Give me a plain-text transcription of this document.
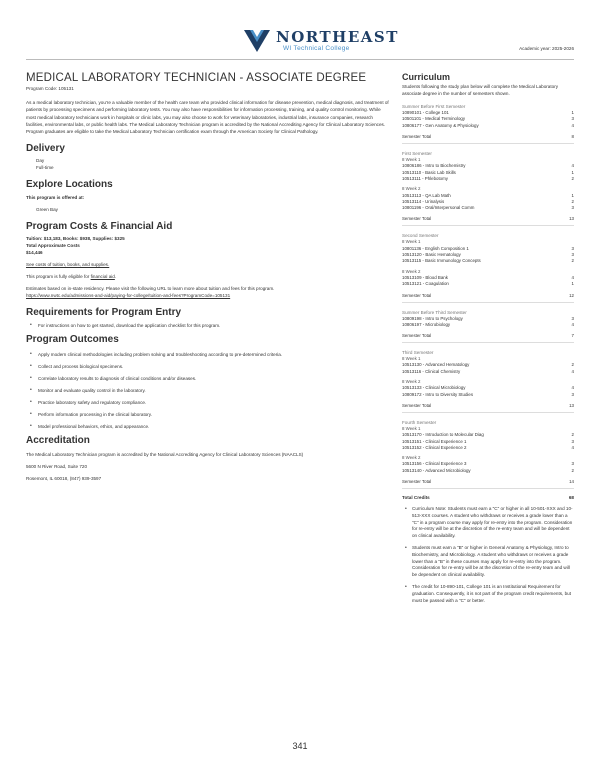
NORTHEAST
WI Technical College	Academic year: 2025-2026
MEDICAL LABORATORY TECHNICIAN - ASSOCIATE DEGREE
Program Code: 105131

As a medical laboratory technician, you're a valuable member of the health care team who provided clinical information for disease prevention, medical diagnosis, and treatment of patients by processing specimens and performing laboratory tests. You may also have responsibilities for information processing, training, and quality control monitoring. While most medical laboratory technicians work in hospitals or clinic labs, you may also choose to work for veterinary laboratories, industrial labs, insurance companies, research facilities, environmental labs, or public health labs. The Medical Laboratory Technician program is accredited by the National Accrediting Agency for Clinical Laboratory Sciences. Program graduates are eligible to take the Medical Laboratory Technician certification exam through the American Society for Clinical Pathology.

Delivery
Day
Full-time
Explore Locations
This program is offered at:
Green Bay
Program Costs & Financial Aid
Tuition: $13,183, Books: $938, Supplies: $325
Total Approximate Costs
$14,446
See costs of tuition, books, and supplies.
This program is fully eligible for financial aid.
Estimates based on in-state residency. Please visit the following URL to learn more about tuition and fees for this program.
https://www.nwtc.edu/admissions-and-aid/paying-for-college/tuition-and-fees?ProgramCode=105131
Requirements for Program Entry
• For instructions on how to get started, download the application checklist for this program.
Program Outcomes
• Apply modern clinical methodologies including problem solving and troubleshooting according to pre-determined criteria.
• Collect and process biological specimens.
• Correlate laboratory results to diagnosis of clinical conditions and/or diseases.
• Monitor and evaluate quality control in the laboratory.
• Practice laboratory safety and regulatory compliance.
• Perform information processing in the clinical laboratory.
• Model professional behaviors, ethics, and appearance.
Accreditation
The Medical Laboratory Technician program is accredited by the National Accrediting Agency for Clinical Laboratory Sciences (NAACLS)
5600 N River Road, Suite 720
Rosemont, IL 60018, (847) 939-3597
Curriculum
Students following the study plan below will complete the Medical Laboratory associate degree in the number of semesters shown.
Summer Before First Semester
10890101 - College 101	1
10501101 - Medical Terminology	3
10806177 - Gen Anatomy & Physiology	4
Semester Total	8
First Semester
8 Week 1
10806186 - Intro to Biochemistry	4
10513110 - Basic Lab Skills	1
10513111 - Phlebotomy	2
8 Week 2
10513113 - QA Lab Math	1
10513114 - Urinalysis	2
10801196 - Oral/Interpersonal Comm	3
Semester Total	13
Second Semester
8 Week 1
10801136 - English Composition 1	3
10513120 - Basic Hematology	3
10513115 - Basic Immunology Concepts	2
8 Week 2
10513109 - Blood Bank	4
10513121 - Coagulation	1
Semester Total	12
Summer Before Third Semester
10809198 - Intro to Psychology	3
10806197 - Microbiology	4
Semester Total	7
Third Semester
8 Week 1
10513130 - Advanced Hematology	2
10513116 - Clinical Chemistry	4
8 Week 2
10513133 - Clinical Microbiology	4
10809172 - Intro to Diversity Studies	3
Semester Total	13
Fourth Semester
8 Week 1
10513170 - Introduction to Molecular Diag	2
10513151 - Clinical Experience 1	3
10513152 - Clinical Experience 2	4
8 Week 2
10513156 - Clinical Experience 3	3
10513140 - Advanced Microbiology	2
Semester Total	14
Total Credits	68
• Curriculum Note: Students must earn a "C" or higher in all 10-501-XXX and 10-513-XXX courses. A student who withdraws or receives a grade lower than a "C" in a program course may apply for re-entry into the program. Consideration for re-entry will be at the discretion of the re-entry team and will be dependent on clinical availability.
• Students must earn a "B" or higher in General Anatomy & Physiology, Intro to Biochemistry, and Microbiology. A student who withdraws or receives a grade lower than a "B" in these courses may apply for re-entry into the program. Consideration for re-entry will be at the discretion of the re-entry team and will be dependent on clinical availability.
• The credit for 10-890-101, College 101 is an Institutional Requirement for graduation. Consequently, it is not part of the program credit requirements, but must be passed with a "C" or better.
341
